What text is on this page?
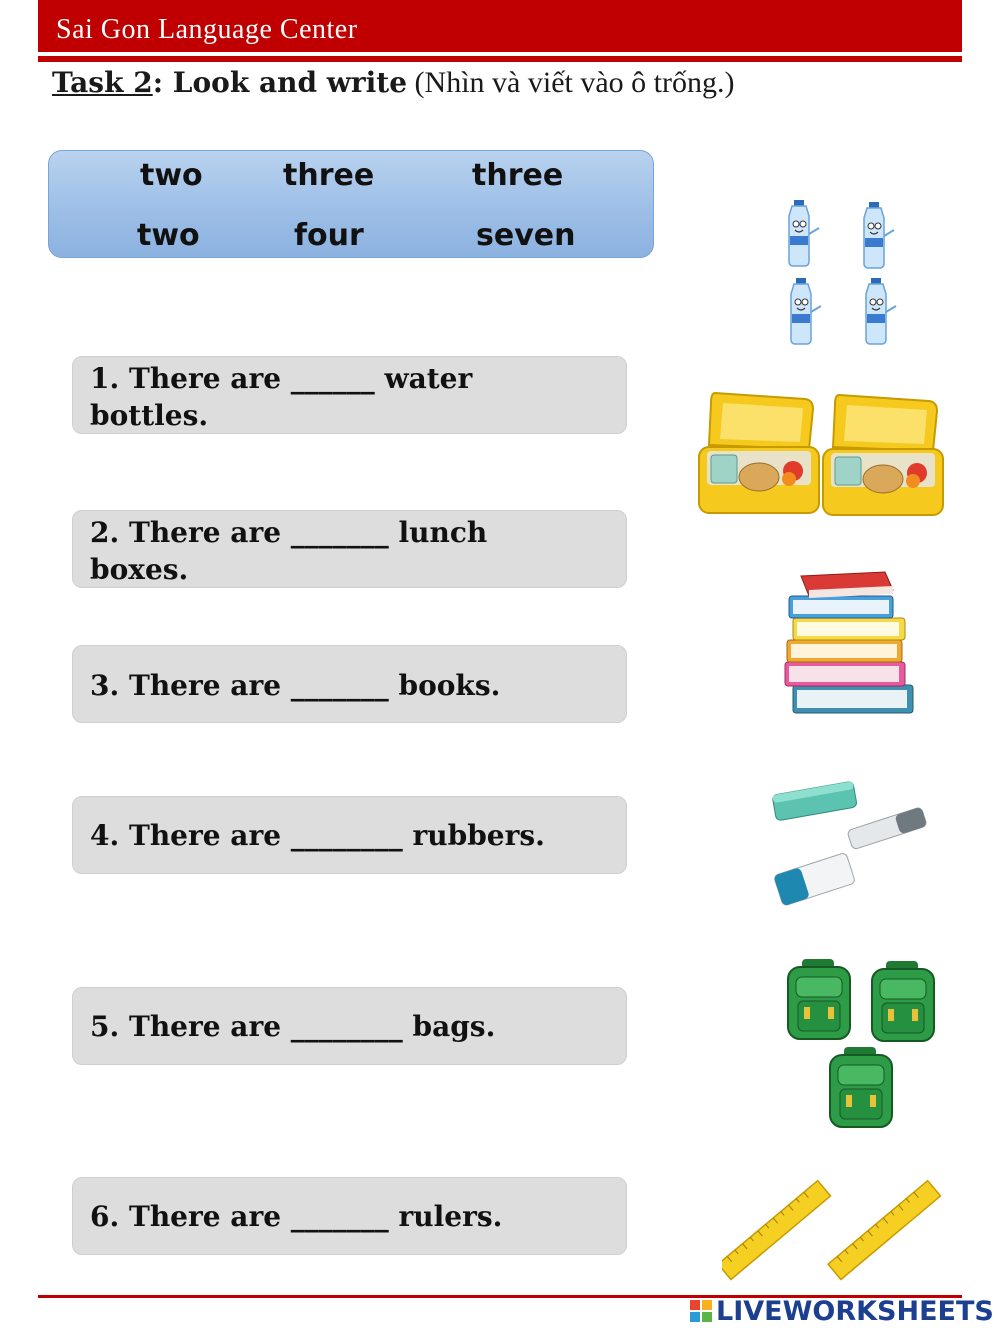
Sai Gon Language Center
Task 2: Look and write (Nhìn và viết vào ô trống.)
two	three	three
two	four	seven
1. There are ______ water
bottles.
2. There are _______ lunch
boxes.
3. There are _______ books.
4. There are ________ rubbers.
5. There are ________ bags.
6. There are _______ rulers.
LIVEWORKSHEETS
